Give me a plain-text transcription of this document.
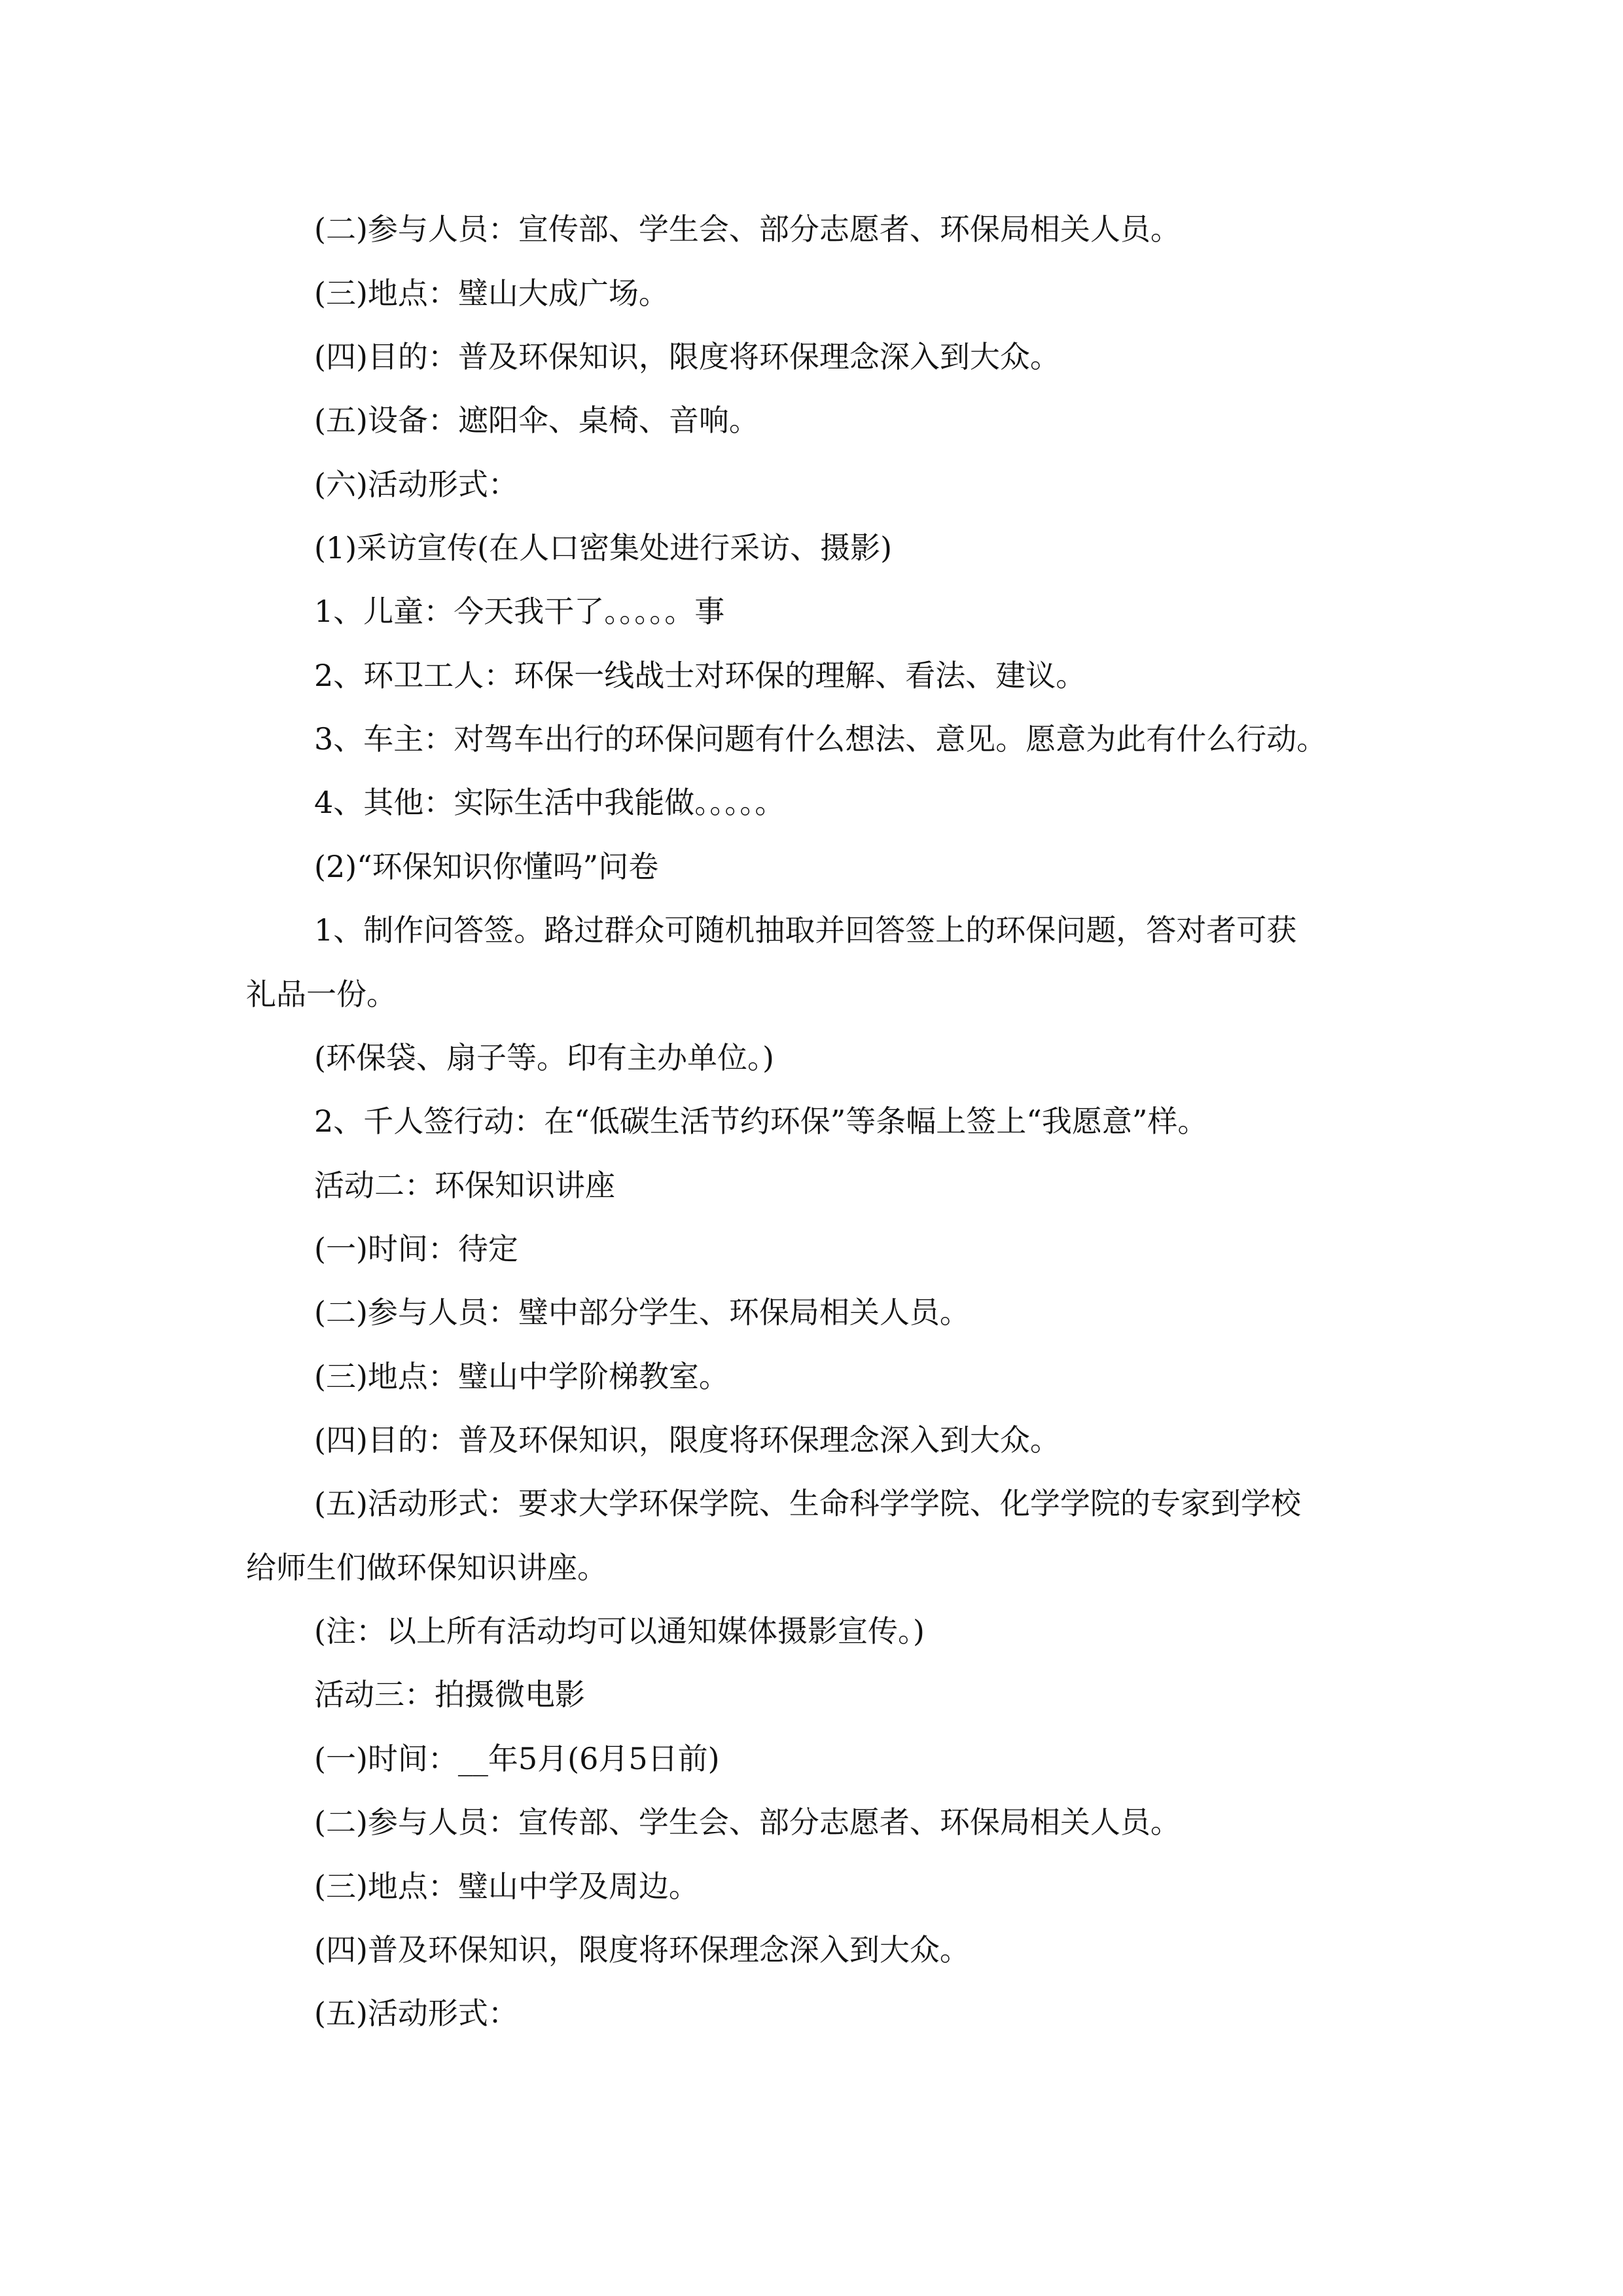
(二)参与人员：宣传部、学生会、部分志愿者、环保局相关人员。
(三)地点：璧山大成广场。
(四)目的：普及环保知识，限度将环保理念深入到大众。
(五)设备：遮阳伞、桌椅、音响。
(六)活动形式：
(1)采访宣传(在人口密集处进行采访、摄影)
1、儿童：今天我干了。。。。。事
2、环卫工人：环保一线战士对环保的理解、看法、建议。
3、车主：对驾车出行的环保问题有什么想法、意见。愿意为此有什么行动。
4、其他：实际生活中我能做。。。。。
(2)“环保知识你懂吗”问卷
1、制作问答签。路过群众可随机抽取并回答签上的环保问题，答对者可获
礼品一份。
(环保袋、扇子等。印有主办单位。)
2、千人签行动：在“低碳生活节约环保”等条幅上签上“我愿意”样。
活动二：环保知识讲座
(一)时间：待定
(二)参与人员：璧中部分学生、环保局相关人员。
(三)地点：璧山中学阶梯教室。
(四)目的：普及环保知识，限度将环保理念深入到大众。
(五)活动形式：要求大学环保学院、生命科学学院、化学学院的专家到学校
给师生们做环保知识讲座。
(注：以上所有活动均可以通知媒体摄影宣传。)
活动三：拍摄微电影
(一)时间：__年5月(6月5日前)
(二)参与人员：宣传部、学生会、部分志愿者、环保局相关人员。
(三)地点：璧山中学及周边。
(四)普及环保知识，限度将环保理念深入到大众。
(五)活动形式：
